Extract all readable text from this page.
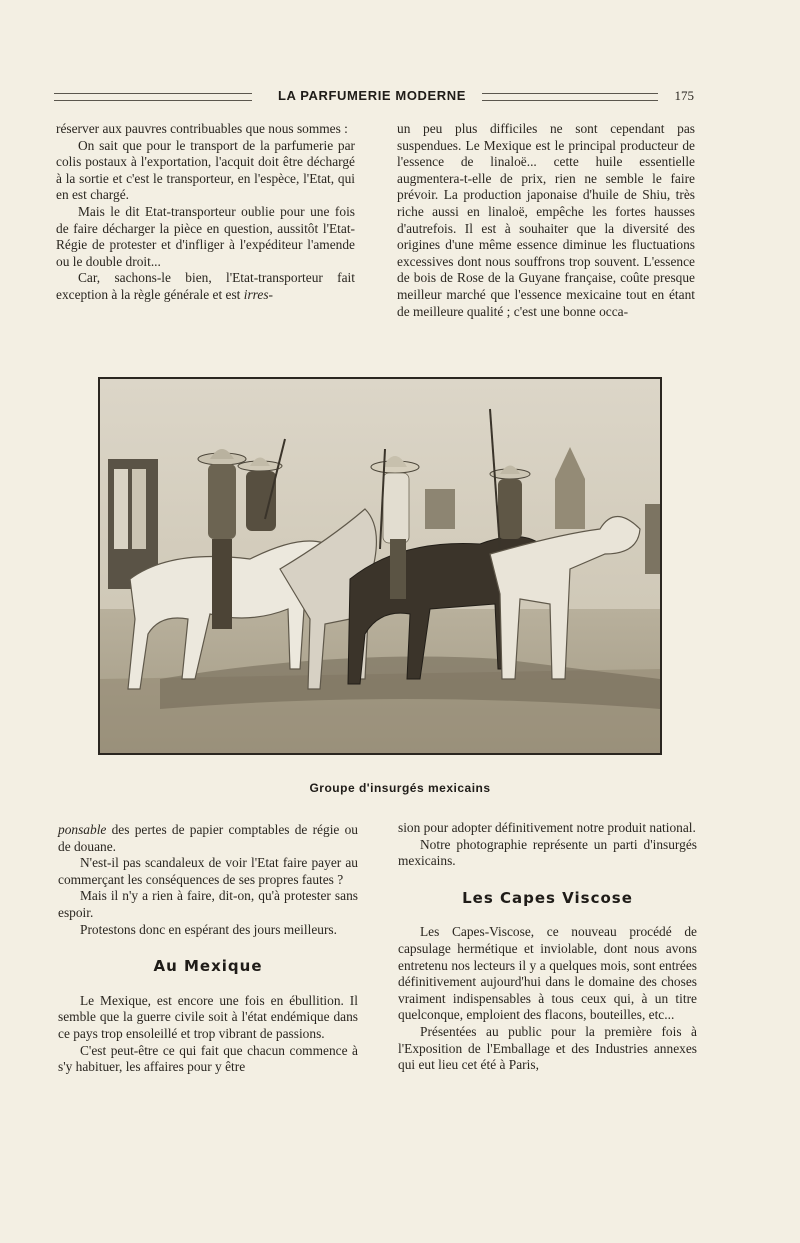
LA PARFUMERIE MODERNE	175

réserver aux pauvres contribuables que nous sommes :

On sait que pour le transport de la parfumerie par colis postaux à l'exportation, l'acquit doit être déchargé à la sortie et c'est le transporteur, en l'espèce, l'Etat, qui en est chargé.

Mais le dit Etat-transporteur oublie pour une fois de faire décharger la pièce en question, aussitôt l'Etat-Régie de protester et d'infliger à l'expéditeur l'amende ou le double droit...

Car, sachons-le bien, l'Etat-transporteur fait exception à la règle générale et est irres-

un peu plus difficiles ne sont cependant pas suspendues. Le Mexique est le principal producteur de l'essence de linaloë... cette huile essentielle augmentera-t-elle de prix, rien ne semble le faire prévoir. La production japonaise d'huile de Shiu, très riche aussi en linaloë, empêche les fortes hausses d'autrefois. Il est à souhaiter que la diversité des origines d'une même essence diminue les fluctuations excessives dont nous souffrons trop souvent. L'essence de bois de Rose de la Guyane française, coûte presque meilleur marché que l'essence mexicaine tout en étant de meilleure qualité ; c'est une bonne occa-

Groupe d'insurgés mexicains

ponsable des pertes de papier comptables de régie ou de douane.

N'est-il pas scandaleux de voir l'Etat faire payer au commerçant les conséquences de ses propres fautes ?

Mais il n'y a rien à faire, dit-on, qu'à protester sans espoir.

Protestons donc en espérant des jours meilleurs.

Au Mexique

Le Mexique, est encore une fois en ébullition. Il semble que la guerre civile soit à l'état endémique dans ce pays trop ensoleillé et trop vibrant de passions.

C'est peut-être ce qui fait que chacun commence à s'y habituer, les affaires pour y être

sion pour adopter définitivement notre produit national.

Notre photographie représente un parti d'insurgés mexicains.

Les Capes Viscose

Les Capes-Viscose, ce nouveau procédé de capsulage hermétique et inviolable, dont nous avons entretenu nos lecteurs il y a quelques mois, sont entrées définitivement aujourd'hui dans le domaine des choses vraiment indispensables à tous ceux qui, à un titre quelconque, emploient des flacons, bouteilles, etc...

Présentées au public pour la première fois à l'Exposition de l'Emballage et des Industries annexes qui eut lieu cet été à Paris,
